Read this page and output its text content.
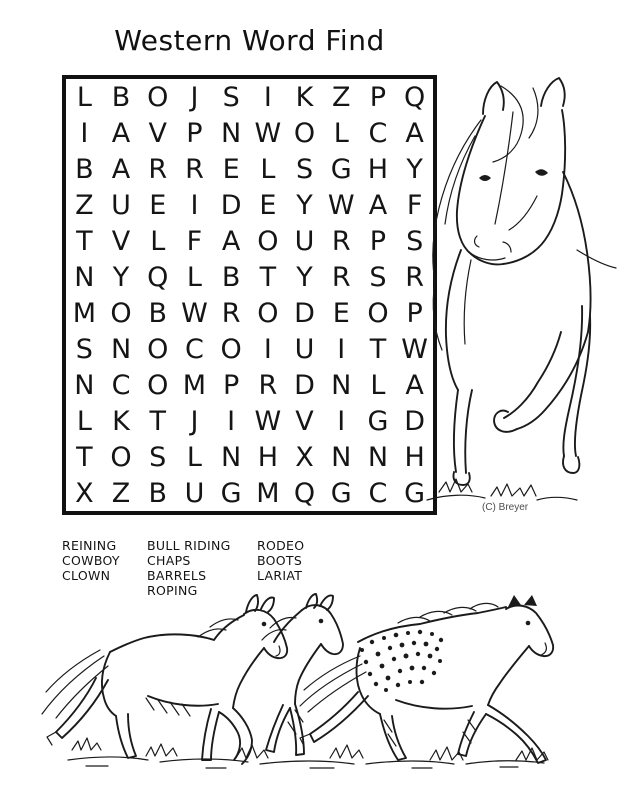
Western Word Find
L B O J S I K Z P Q
I A V P N W O L C A
B A R R E L S G H Y
Z U E I D E Y W A F
T V L F A O U R P S
N Y Q L B T Y R S R
M O B W R O D E O P
S N O C O I U I T W
N C O M P R D N L A
L K T J	I W V I G D
T O S L N H X N N H
X Z B U G M Q G C G
REINING
COWBOY
CLOWN
BULL RIDING
CHAPS
BARRELS
ROPING
RODEO
BOOTS
LARIAT
(C) Breyer
